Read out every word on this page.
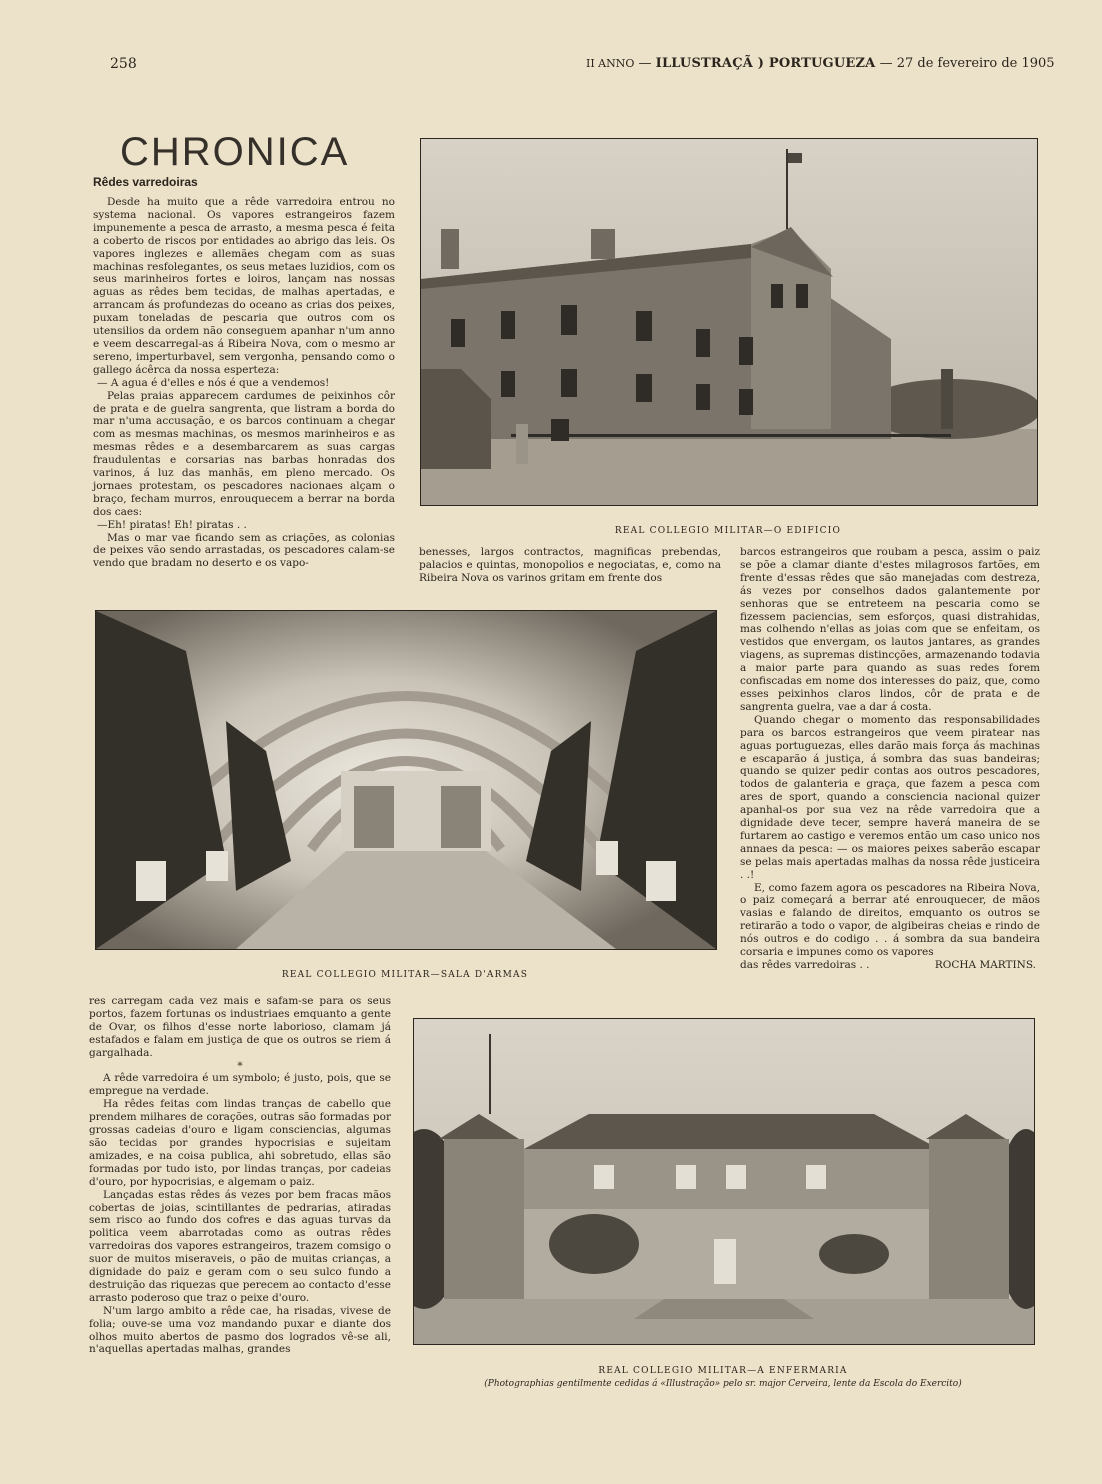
258	II ANNO — ILLUSTRAÇÃ ) PORTUGUEZA — 27 de fevereiro de 1905
CHRONICA
Rêdes varredoiras

Desde ha muito que a rêde varredoira entrou no systema nacional. Os vapores estrangeiros fazem impunemente a pesca de arrasto, a mesma pesca é feita a coberto de riscos por entidades ao abrigo das leis. Os vapores inglezes e allemães chegam com as suas machinas resfolegantes, os seus metaes luzidios, com os seus marinheiros fortes e loiros, lançam nas nossas aguas as rêdes bem tecidas, de malhas apertadas, e arrancam ás profundezas do oceano as crias dos peixes, puxam toneladas de pescaria que outros com os utensilios da ordem não conseguem apanhar n'um anno e veem descarregal-as á Ribeira Nova, com o mesmo ar sereno, imperturbavel, sem vergonha, pensando como o gallego ácêrca da nossa esperteza:

— A agua é d'elles e nós é que a vendemos!

Pelas praias apparecem cardumes de peixinhos côr de prata e de guelra sangrenta, que listram a borda do mar n'uma accusação, e os barcos continuam a chegar com as mesmas machinas, os mesmos marinheiros e as mesmas rêdes e a desembarcarem as suas cargas fraudulentas e corsarias nas barbas honradas dos varinos, á luz das manhãs, em pleno mercado. Os jornaes protestam, os pescadores nacionaes alçam o braço, fecham murros, enrouquecem a berrar na borda dos caes:

—Eh! piratas! Eh! piratas . .

Mas o mar vae ficando sem as criações, as colonias de peixes vão sendo arrastadas, os pescadores calam-se vendo que bradam no deserto e os vapo-

REAL COLLEGIO MILITAR—O EDIFICIO

benesses, largos contractos, magnificas prebendas, palacios e quintas, monopolios e negociatas, e, como na Ribeira Nova os varinos gritam em frente dos

barcos estrangeiros que roubam a pesca, assim o paiz se põe a clamar diante d'estes milagrosos fartões, em frente d'essas rêdes que são manejadas com destreza, ás vezes por conselhos dados galantemente por senhoras que se entreteem na pescaria como se fizessem paciencias, sem esforços, quasi distrahidas, mas colhendo n'ellas as joias com que se enfeitam, os vestidos que envergam, os lautos jantares, as grandes viagens, as supremas distincções, armazenando todavia a maior parte para quando as suas redes forem confiscadas em nome dos interesses do paiz, que, como esses peixinhos claros lindos, côr de prata e de sangrenta guelra, vae a dar á costa.

Quando chegar o momento das responsabilidades para os barcos estrangeiros que veem piratear nas aguas portuguezas, elles darão mais força ás machinas e escaparão á justiça, á sombra das suas bandeiras; quando se quizer pedir contas aos outros pescadores, todos de galanteria e graça, que fazem a pesca com ares de sport, quando a consciencia nacional quizer apanhal-os por sua vez na rêde varredoira que a dignidade deve tecer, sempre haverá maneira de se furtarem ao castigo e veremos então um caso unico nos annaes da pesca: — os maiores peixes saberão escapar se pelas mais apertadas malhas da nossa rêde justiceira . .!

E, como fazem agora os pescadores na Ribeira Nova, o paiz começará a berrar até enrouquecer, de mãos vasias e falando de direitos, emquanto os outros se retirarão a todo o vapor, de algibeiras cheias e rindo de nós outros e do codigo . . á sombra da sua bandeira corsaria e impunes como os vapores

das rêdes varredoiras . .	ROCHA MARTINS.

REAL COLLEGIO MILITAR—SALA D'ARMAS

res carregam cada vez mais e safam-se para os seus portos, fazem fortunas os industriaes emquanto a gente de Ovar, os filhos d'esse norte laborioso, clamam já estafados e falam em justiça de que os outros se riem á gargalhada.

*

A rêde varredoira é um symbolo; é justo, pois, que se empregue na verdade.

Ha rêdes feitas com lindas tranças de cabello que prendem milhares de corações, outras são formadas por grossas cadeias d'ouro e ligam consciencias, algumas são tecidas por grandes hypocrisias e sujeitam amizades, e na coisa publica, ahi sobretudo, ellas são formadas por tudo isto, por lindas tranças, por cadeias d'ouro, por hypocrisias, e algemam o paiz.

Lançadas estas rêdes ás vezes por bem fracas mãos cobertas de joias, scintillantes de pedrarias, atiradas sem risco ao fundo dos cofres e das aguas turvas da politica veem abarrotadas como as outras rêdes varredoiras dos vapores estrangeiros, trazem comsigo o suor de muitos miseraveis, o pão de muitas crianças, a dignidade do paiz e geram com o seu sulco fundo a destruição das riquezas que perecem ao contacto d'esse arrasto poderoso que traz o peixe d'ouro.

N'um largo ambito a rêde cae, ha risadas, vivese de folia; ouve-se uma voz mandando puxar e diante dos olhos muito abertos de pasmo dos logrados vê-se ali, n'aquellas apertadas malhas, grandes

REAL COLLEGIO MILITAR—A ENFERMARIA
(Photographias gentilmente cedidas á «Illustração» pelo sr. major Cerveira, lente da Escola do Exercito)
